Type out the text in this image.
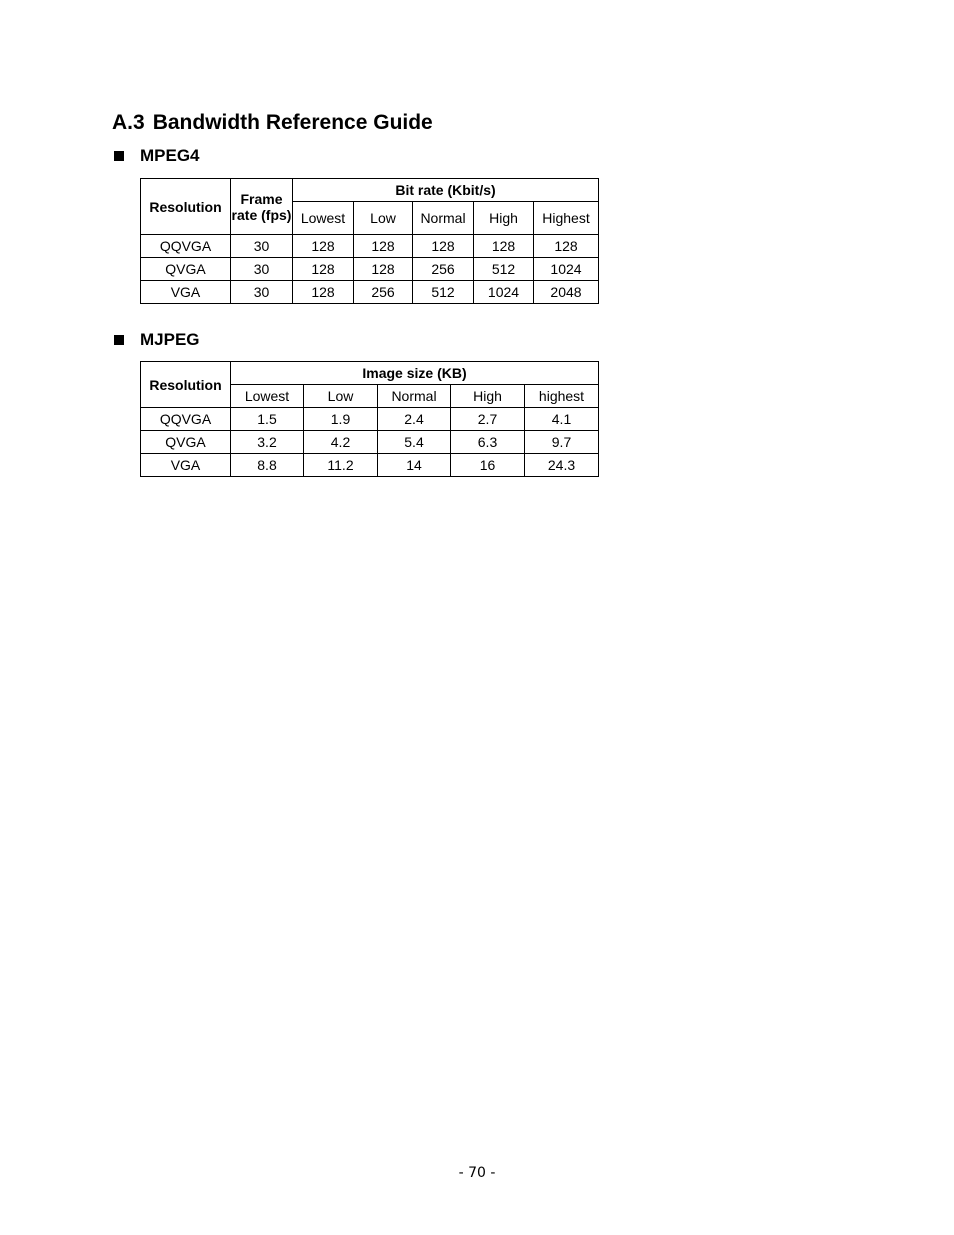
A.3 Bandwidth Reference Guide
MPEG4
Resolution	Frame rate (fps)	Bit rate (Kbit/s)				
		Lowest	Low	Normal	High	Highest
QQVGA	30	128	128	128	128	128
QVGA	30	128	128	256	512	1024
VGA	30	128	256	512	1024	2048
MJPEG
Resolution	Image size (KB)				
	Lowest	Low	Normal	High	highest
QQVGA	1.5	1.9	2.4	2.7	4.1
QVGA	3.2	4.2	5.4	6.3	9.7
VGA	8.8	11.2	14	16	24.3
- 70 -
